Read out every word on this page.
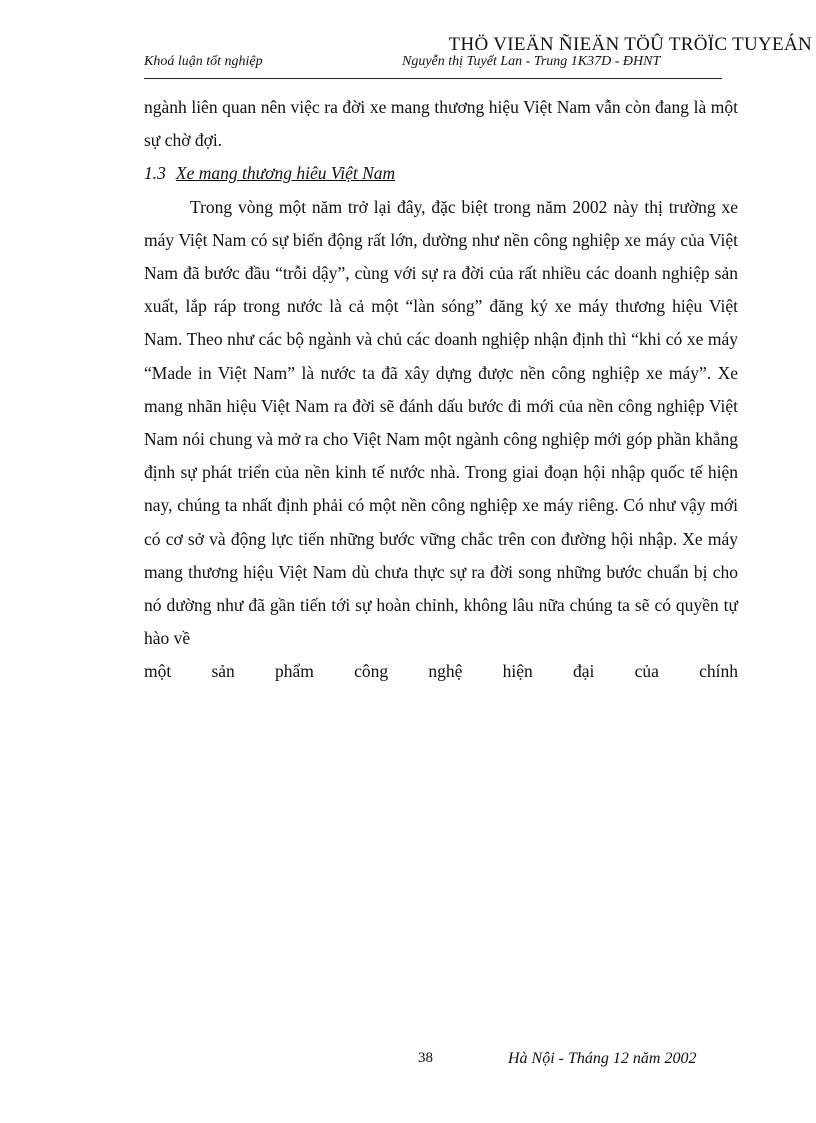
THÖ VIEÄN ÑIEÄN TÖÛ TRÖÏC TUYEÁN
Khoá luận tốt nghiệp	Nguyễn thị Tuyết Lan - Trung 1K37D - ĐHNT

ngành liên quan nên việc ra đời xe mang thương hiệu Việt Nam vẫn còn đang là một sự chờ đợi.

1.3 Xe mang thương hiêu Việt Nam

Trong vòng một năm trở lại đây, đặc biệt trong năm 2002 này thị trường xe máy Việt Nam có sự biến động rất lớn, dường như nền công nghiệp xe máy của Việt Nam đã bước đầu “trỗi dậy”, cùng với sự ra đời của rất nhiều các doanh nghiệp sản xuất, lắp ráp trong nước là cả một “làn sóng” đăng ký xe máy thương hiệu Việt Nam. Theo như các bộ ngành và chủ các doanh nghiệp nhận định thì “khi có xe máy “Made in Việt Nam” là nước ta đã xây dựng được nền công nghiệp xe máy”. Xe mang nhãn hiệu Việt Nam ra đời sẽ đánh dấu bước đi mới của nền công nghiệp Việt Nam nói chung và mở ra cho Việt Nam một ngành công nghiệp mới góp phần khẳng định sự phát triển của nền kinh tế nước nhà. Trong giai đoạn hội nhập quốc tế hiện nay, chúng ta nhất định phải có một nền công nghiệp xe máy riêng. Có như vậy mới có cơ sở và động lực tiến những bước vững chắc trên con đường hội nhập. Xe máy mang thương hiệu Việt Nam dù chưa thực sự ra đời song những bước chuẩn bị cho nó dường như đã gần tiến tới sự hoàn chỉnh, không lâu nữa chúng ta sẽ có quyền tự hào về

một sản phẩm công nghệ hiện đại của chính
38	Hà Nội - Tháng 12 năm 2002
